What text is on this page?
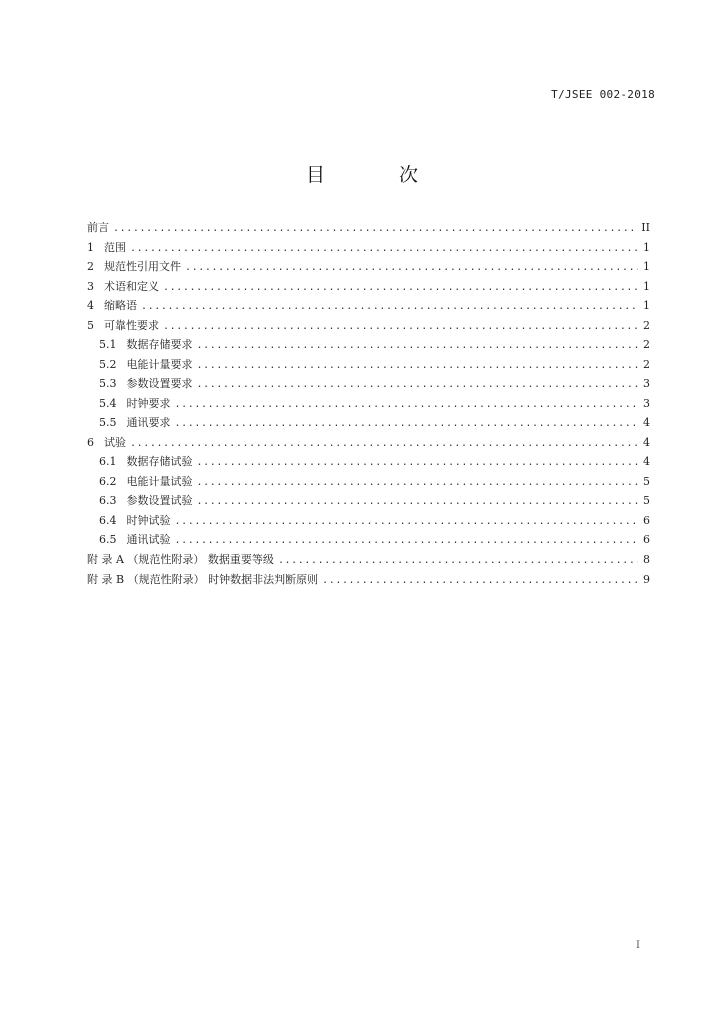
T/JSEE 002-2018
目 次
前言 .....	II
1 范围 .....	1
2 规范性引用文件 .....	1
3 术语和定义 .....	1
4 缩略语 .....	1
5 可靠性要求 .....	2
5.1 数据存储要求 .....	2
5.2 电能计量要求 .....	2
5.3 参数设置要求 .....	3
5.4 时钟要求 .....	3
5.5 通讯要求 .....	4
6 试验 .....	4
6.1 数据存储试验 .....	4
6.2 电能计量试验 .....	5
6.3 参数设置试验 .....	5
6.4 时钟试验 .....	6
6.5 通讯试验 .....	6
附 录 A （规范性附录） 数据重要等级 .....	8
附 录 B （规范性附录） 时钟数据非法判断原则 .....	9
I
